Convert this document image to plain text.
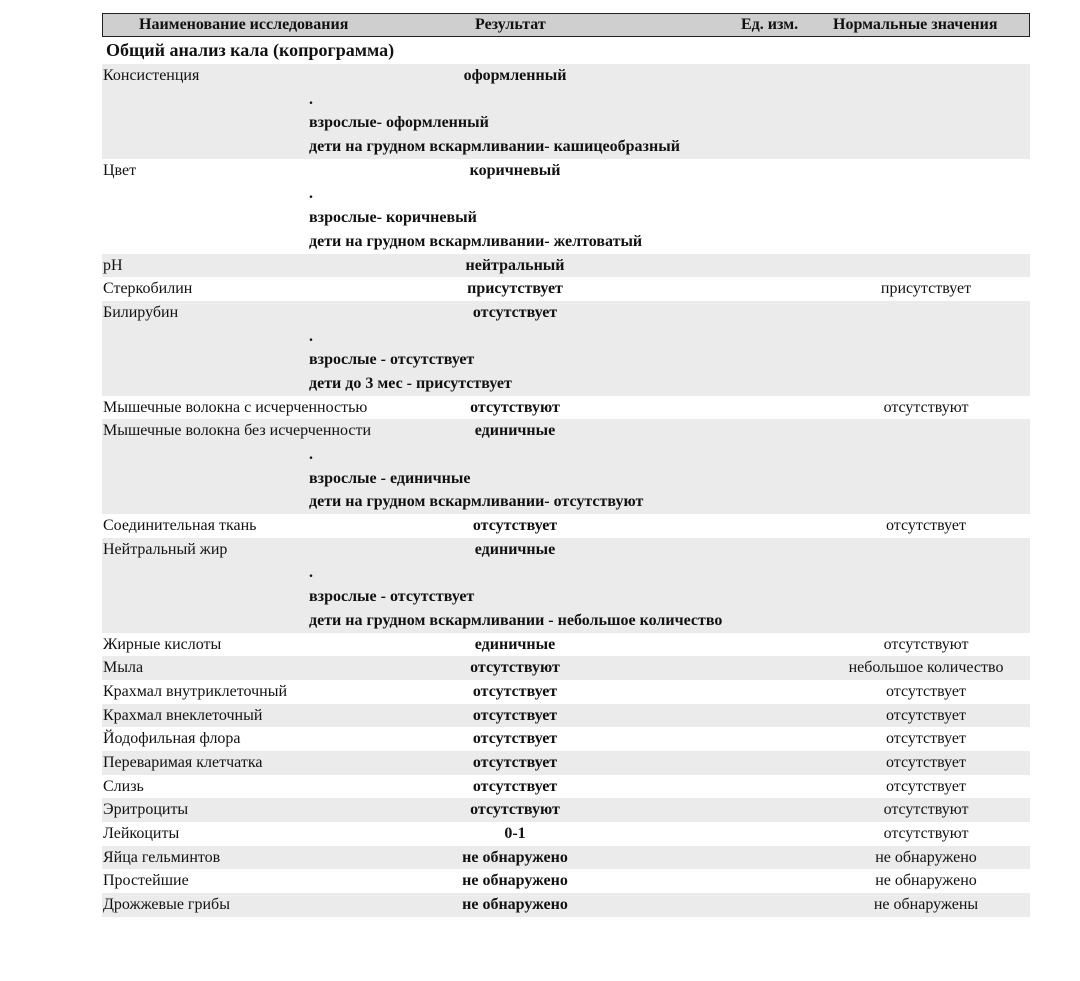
Наименование исследования	Результат	Ед. изм. Нормальные значения
Общий анализ кала (копрограмма)
Консистенция	оформленный
.
взрослые- оформленный
дети на грудном вскармливании- кашицеобразный
Цвет	коричневый
.
взрослые- коричневый
дети на грудном вскармливании- желтоватый
pH	нейтральный
Стеркобилин	присутствует	присутствует
Билирубин	отсутствует
.
взрослые - отсутствует
дети до 3 мес - присутствует
Мышечные волокна с исчерченностью	отсутствуют	отсутствуют
Мышечные волокна без исчерченности	единичные
.
взрослые - единичные
дети на грудном вскармливании- отсутствуют
Соединительная ткань	отсутствует	отсутствует
Нейтральный жир	единичные
.
взрослые - отсутствует
дети на грудном вскармливании - небольшое количество
Жирные кислоты	единичные	отсутствуют
Мыла	отсутствуют	небольшое количество
Крахмал внутриклеточный	отсутствует	отсутствует
Крахмал внеклеточный	отсутствует	отсутствует
Йодофильная флора	отсутствует	отсутствует
Переваримая клетчатка	отсутствует	отсутствует
Слизь	отсутствует	отсутствует
Эритроциты	отсутствуют	отсутствуют
Лейкоциты	0-1	отсутствуют
Яйца гельминтов	не обнаружено	не обнаружено
Простейшие	не обнаружено	не обнаружено
Дрожжевые грибы	не обнаружено	не обнаружены
